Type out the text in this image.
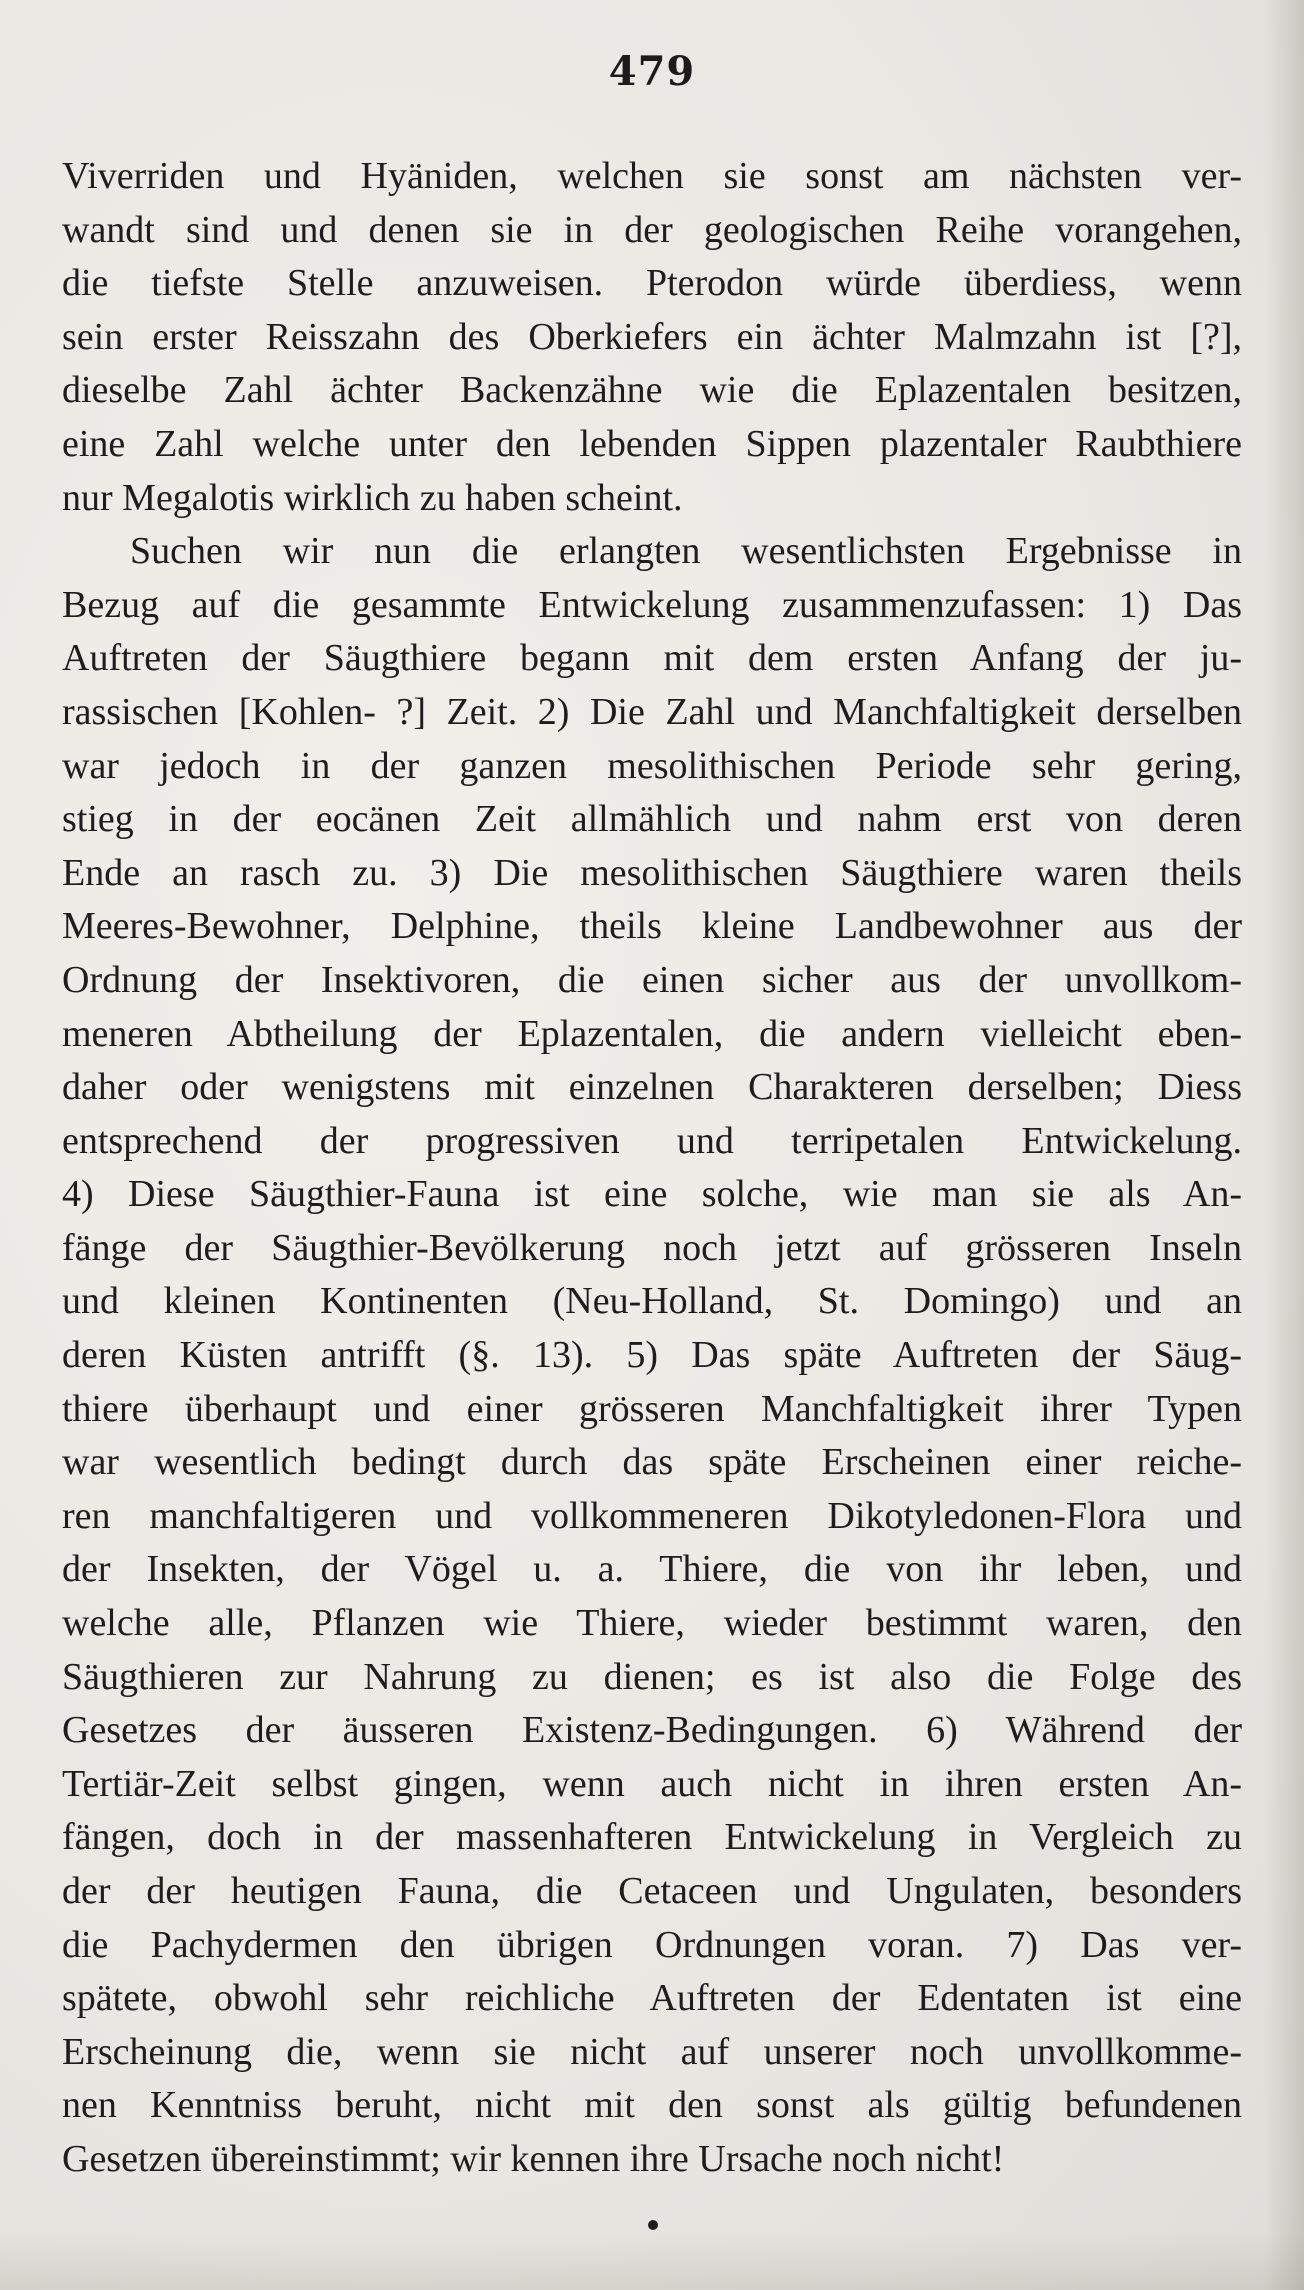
479
Viverriden und Hyäniden, welchen sie sonst am nächsten ver-
wandt sind und denen sie in der geologischen Reihe vorangehen,
die tiefste Stelle anzuweisen. Pterodon würde überdiess, wenn
sein erster Reisszahn des Oberkiefers ein ächter Malmzahn ist [?],
dieselbe Zahl ächter Backenzähne wie die Eplazentalen besitzen,
eine Zahl welche unter den lebenden Sippen plazentaler Raubthiere
nur Megalotis wirklich zu haben scheint.
Suchen wir nun die erlangten wesentlichsten Ergebnisse in
Bezug auf die gesammte Entwickelung zusammenzufassen: 1) Das
Auftreten der Säugthiere begann mit dem ersten Anfang der ju-
rassischen [Kohlen- ?] Zeit. 2) Die Zahl und Manchfaltigkeit derselben
war jedoch in der ganzen mesolithischen Periode sehr gering,
stieg in der eocänen Zeit allmählich und nahm erst von deren
Ende an rasch zu. 3) Die mesolithischen Säugthiere waren theils
Meeres-Bewohner, Delphine, theils kleine Landbewohner aus der
Ordnung der Insektivoren, die einen sicher aus der unvollkom-
meneren Abtheilung der Eplazentalen, die andern vielleicht eben-
daher oder wenigstens mit einzelnen Charakteren derselben; Diess
entsprechend der progressiven und terripetalen Entwickelung.
4) Diese Säugthier-Fauna ist eine solche, wie man sie als An-
fänge der Säugthier-Bevölkerung noch jetzt auf grösseren Inseln
und kleinen Kontinenten (Neu-Holland, St. Domingo) und an
deren Küsten antrifft (§. 13). 5) Das späte Auftreten der Säug-
thiere überhaupt und einer grösseren Manchfaltigkeit ihrer Typen
war wesentlich bedingt durch das späte Erscheinen einer reiche-
ren manchfaltigeren und vollkommeneren Dikotyledonen-Flora und
der Insekten, der Vögel u. a. Thiere, die von ihr leben, und
welche alle, Pflanzen wie Thiere, wieder bestimmt waren, den
Säugthieren zur Nahrung zu dienen; es ist also die Folge des
Gesetzes der äusseren Existenz-Bedingungen. 6) Während der
Tertiär-Zeit selbst gingen, wenn auch nicht in ihren ersten An-
fängen, doch in der massenhafteren Entwickelung in Vergleich zu
der der heutigen Fauna, die Cetaceen und Ungulaten, besonders
die Pachydermen den übrigen Ordnungen voran. 7) Das ver-
spätete, obwohl sehr reichliche Auftreten der Edentaten ist eine
Erscheinung die, wenn sie nicht auf unserer noch unvollkomme-
nen Kenntniss beruht, nicht mit den sonst als gültig befundenen
Gesetzen übereinstimmt; wir kennen ihre Ursache noch nicht!
